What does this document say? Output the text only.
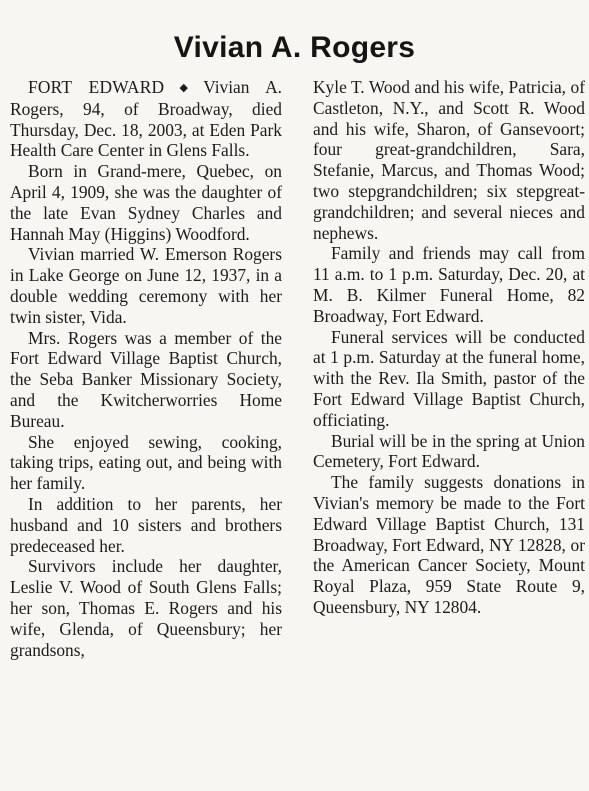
Vivian A. Rogers

FORT EDWARD ◆ Vivian A. Rogers, 94, of Broadway, died Thursday, Dec. 18, 2003, at Eden Park Health Care Center in Glens Falls.

Born in Grand-mere, Quebec, on April 4, 1909, she was the daughter of the late Evan Sydney Charles and Hannah May (Higgins) Woodford.

Vivian married W. Emerson Rogers in Lake George on June 12, 1937, in a double wedding ceremony with her twin sister, Vida.

Mrs. Rogers was a member of the Fort Edward Village Baptist Church, the Seba Banker Missionary Society, and the Kwitcherworries Home Bureau.

She enjoyed sewing, cooking, taking trips, eating out, and being with her family.

In addition to her parents, her husband and 10 sisters and brothers predeceased her.

Survivors include her daughter, Leslie V. Wood of South Glens Falls; her son, Thomas E. Rogers and his wife, Glenda, of Queensbury; her grandsons,

Kyle T. Wood and his wife, Patricia, of Castleton, N.Y., and Scott R. Wood and his wife, Sharon, of Gansevoort; four great-grandchildren, Sara, Stefanie, Marcus, and Thomas Wood; two stepgrandchildren; six stepgreat-grandchildren; and several nieces and nephews.

Family and friends may call from 11 a.m. to 1 p.m. Saturday, Dec. 20, at M. B. Kilmer Funeral Home, 82 Broadway, Fort Edward.

Funeral services will be conducted at 1 p.m. Saturday at the funeral home, with the Rev. Ila Smith, pastor of the Fort Edward Village Baptist Church, officiating.

Burial will be in the spring at Union Cemetery, Fort Edward.

The family suggests donations in Vivian's memory be made to the Fort Edward Village Baptist Church, 131 Broadway, Fort Edward, NY 12828, or the American Cancer Society, Mount Royal Plaza, 959 State Route 9, Queensbury, NY 12804.
